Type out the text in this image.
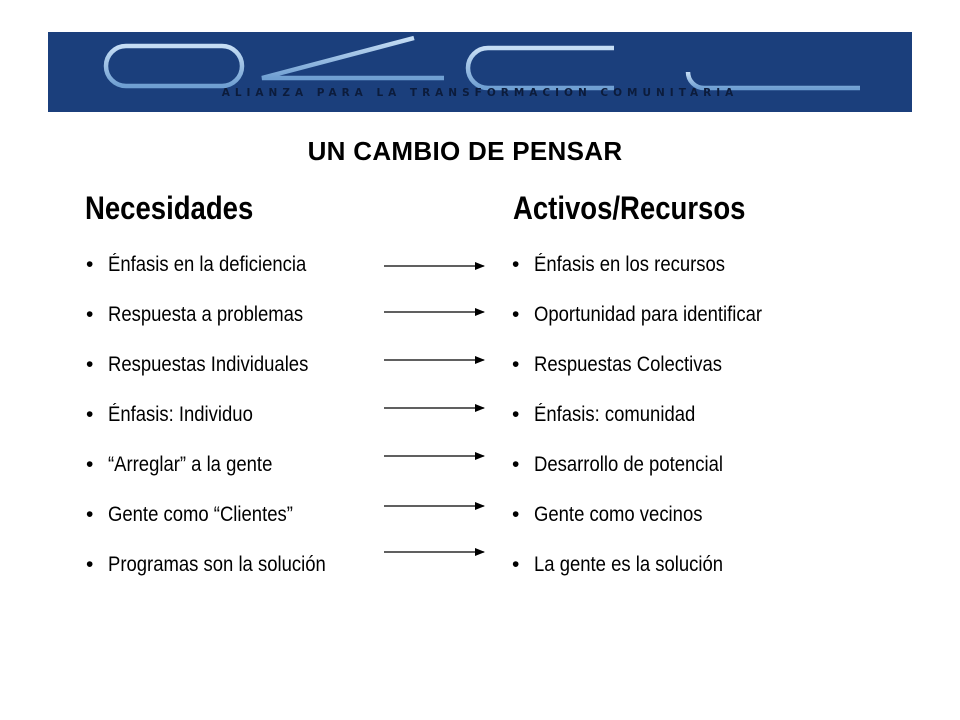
ALIANZA PARA LA TRANSFORMACION COMUNITARIA
UN CAMBIO DE PENSAR
Necesidades	Activos/Recursos
• Énfasis en la deficiencia
• Respuesta a problemas
• Respuestas Individuales
• Énfasis: Individuo
• “Arreglar” a la gente
• Gente como “Clientes”
• Programas son la solución
• Énfasis en los recursos
• Oportunidad para identificar
• Respuestas Colectivas
• Énfasis: comunidad
• Desarrollo de potencial
• Gente como vecinos
• La gente es la solución
